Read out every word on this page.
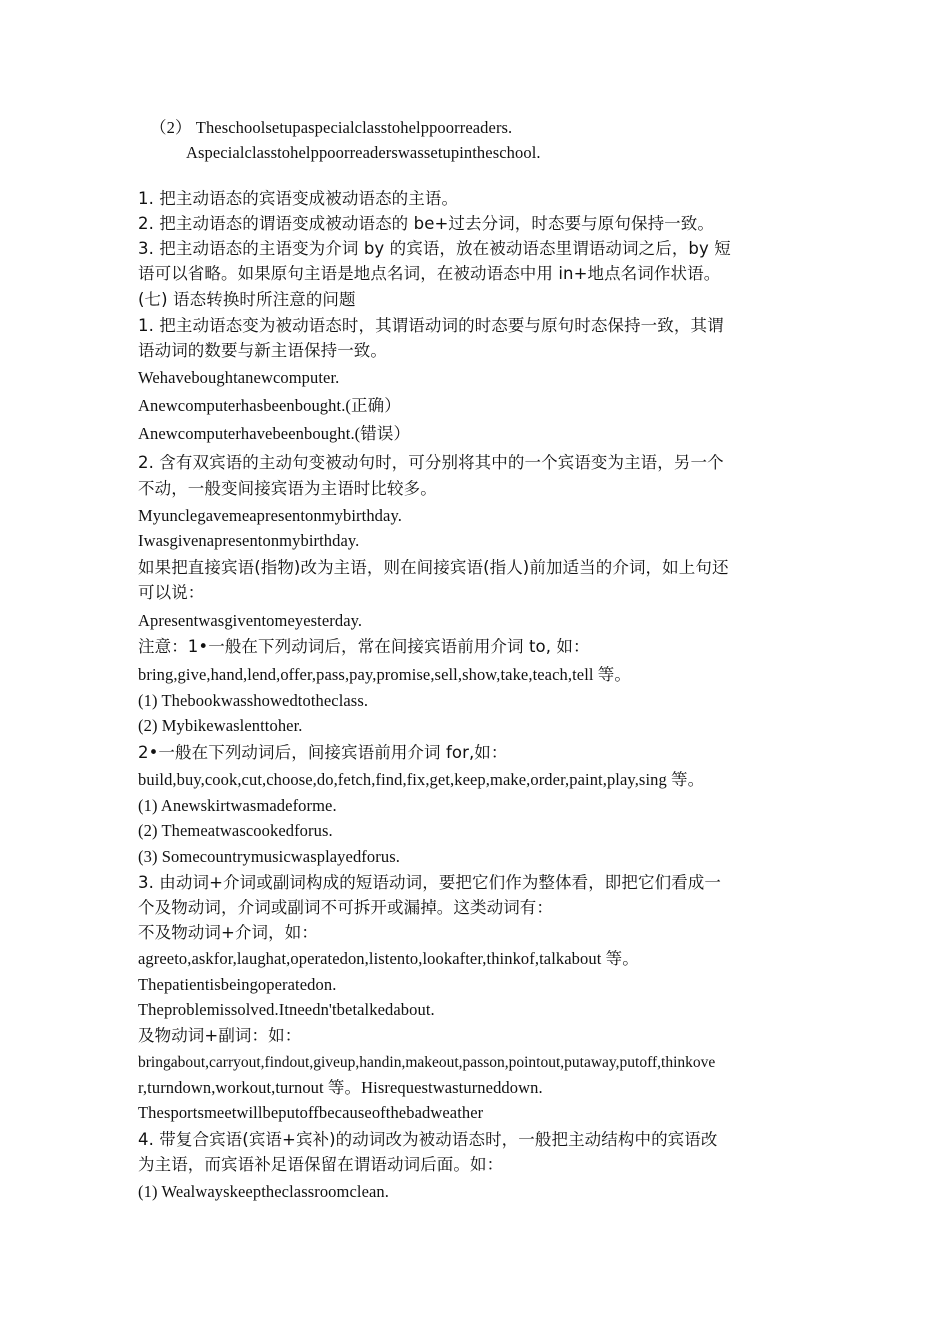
（2） Theschoolsetupaspecialclasstohelppoorreaders.
Aspecialclasstohelppoorreaderswassetupintheschool.
1. 把主动语态的宾语变成被动语态的主语。
2. 把主动语态的谓语变成被动语态的 be+过去分词，时态要与原句保持一致。
3. 把主动语态的主语变为介词 by 的宾语，放在被动语态里谓语动词之后，by 短
语可以省略。如果原句主语是地点名词，在被动语态中用 in+地点名词作状语。
(七) 语态转换时所注意的问题
1. 把主动语态变为被动语态时，其谓语动词的时态要与原句时态保持一致，其谓
语动词的数要与新主语保持一致。
Wehaveboughtanewcomputer.
Anewcomputerhasbeenbought.(正确）
Anewcomputerhavebeenbought.(错误）
2. 含有双宾语的主动句变被动句时，可分别将其中的一个宾语变为主语，另一个
不动，一般变间接宾语为主语时比较多。
Myunclegavemeapresentonmybirthday.
Iwasgivenapresentonmybirthday.
如果把直接宾语(指物)改为主语，则在间接宾语(指人)前加适当的介词，如上句还
可以说：
Apresentwasgiventomeyesterday.
注意：1•一般在下列动词后，常在间接宾语前用介词 to, 如：
bring,give,hand,lend,offer,pass,pay,promise,sell,show,take,teach,tell 等。
(1) Thebookwasshowedtotheclass.
(2) Mybikewaslenttoher.
2•一般在下列动词后，间接宾语前用介词 for,如：
build,buy,cook,cut,choose,do,fetch,find,fix,get,keep,make,order,paint,play,sing 等。
(1) Anewskirtwasmadeforme.
(2) Themeatwascookedforus.
(3) Somecountrymusicwasplayedforus.
3. 由动词+介词或副词构成的短语动词，要把它们作为整体看，即把它们看成一
个及物动词，介词或副词不可拆开或漏掉。这类动词有：
不及物动词+介词，如：
agreeto,askfor,laughat,operatedon,listento,lookafter,thinkof,talkabout 等。
Thepatientisbeingoperatedon.
Theproblemissolved.Itneedn'tbetalkedabout.
及物动词+副词：如：
bringabout,carryout,findout,giveup,handin,makeout,passon,pointout,putaway,putoff,thinkove
r,turndown,workout,turnout 等。Hisrequestwasturneddown.
Thesportsmeetwillbeputoffbecauseofthebadweather
4. 带复合宾语(宾语+宾补)的动词改为被动语态时，一般把主动结构中的宾语改
为主语，而宾语补足语保留在谓语动词后面。如：
(1) Wealwayskeeptheclassroomclean.
